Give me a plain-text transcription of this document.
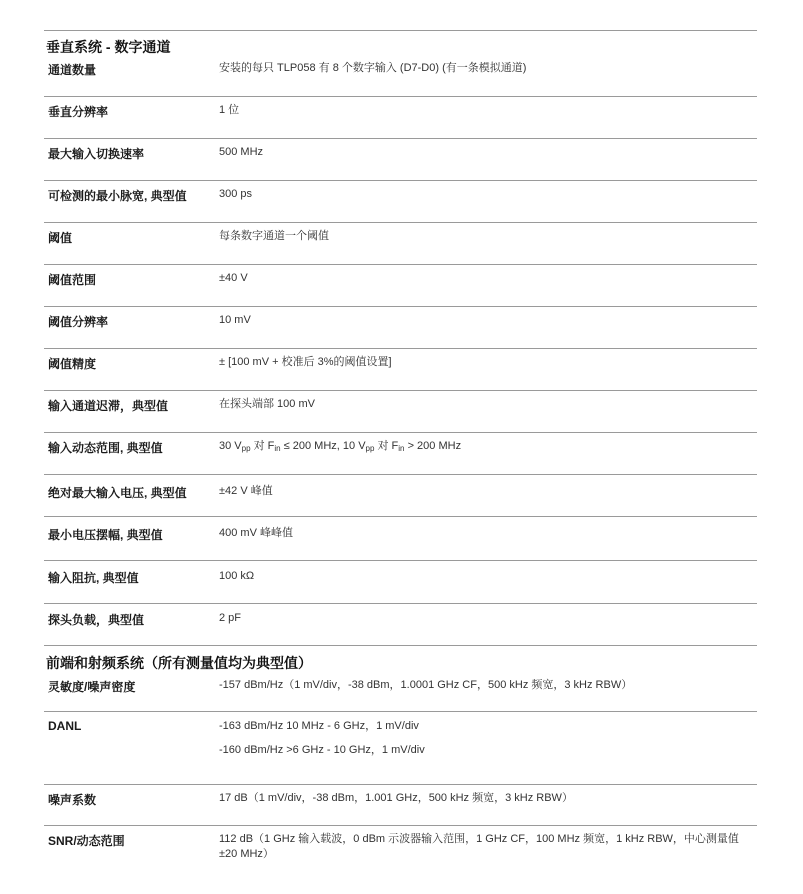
垂直系统 - 数字通道
通道数量	安装的每只 TLP058 有 8 个数字输入 (D7-D0) (有一条模拟通道)
垂直分辨率	1 位
最大输入切换速率	500 MHz
可检测的最小脉宽, 典型值	300 ps
阈值	每条数字通道一个阈值
阈值范围	±40 V
阈值分辨率	10 mV
阈值精度	± [100 mV + 校准后 3%的阈值设置]
输入通道迟滞，典型值	在探头端部 100 mV
输入动态范围, 典型值	30 $V_{pp}$ 对 $F_{in} \le 200$ MHz, 10 $V_{pp}$ 对 $F_{in} > 200$ MHz
绝对最大输入电压, 典型值	±42 V 峰值
最小电压摆幅, 典型值	400 mV 峰峰值
输入阻抗, 典型值	100 kΩ
探头负载，典型值	2 pF
前端和射频系统（所有测量值均为典型值）
灵敏度/噪声密度	-157 dBm/Hz（1 mV/div，-38 dBm，1.0001 GHz CF，500 kHz 频宽，3 kHz RBW）
DANL	-163 dBm/Hz 10 MHz - 6 GHz，1 mV/div
-160 dBm/Hz >6 GHz - 10 GHz，1 mV/div
噪声系数	17 dB（1 mV/div，-38 dBm，1.001 GHz，500 kHz 频宽，3 kHz RBW）
SNR/动态范围	112 dB（1 GHz 输入载波，0 dBm 示波器输入范围，1 GHz CF，100 MHz 频宽，1 kHz RBW，中心测量值 ±20 MHz）
